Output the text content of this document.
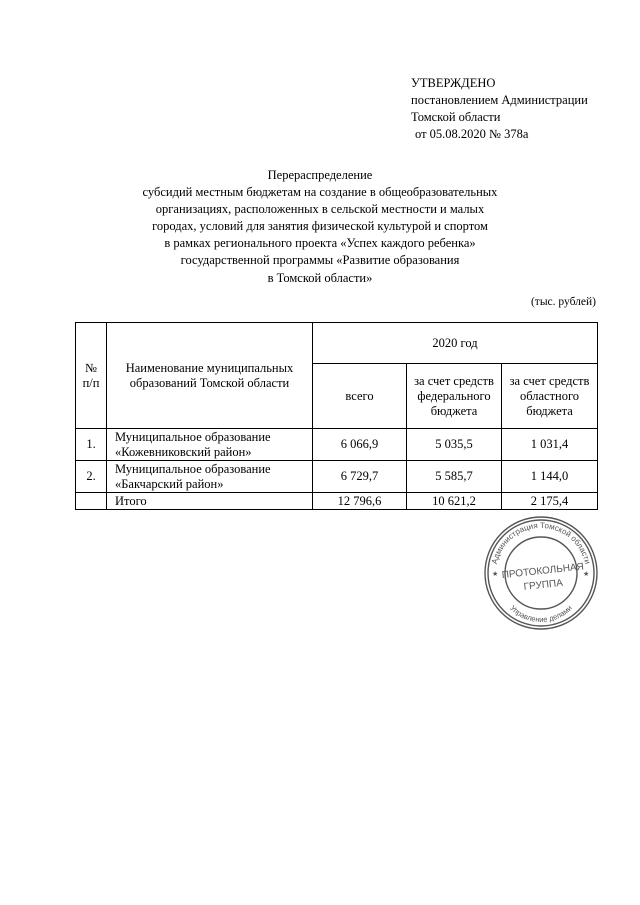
УТВЕРЖДЕНО
постановлением Администрации
Томской области
от 05.08.2020 № 378а
Перераспределение
субсидий местным бюджетам на создание в общеобразовательных
организациях, расположенных в сельской местности и малых
городах, условий для занятия физической культурой и спортом
в рамках регионального проекта «Успех каждого ребенка»
государственной программы «Развитие образования
в Томской области»
(тыс. рублей)
№ п/п	Наименование муниципальных образований Томской области	2020 год		
		всего	за счет средств федерального бюджета	за счет средств областного бюджета
1.	Муниципальное образование
«Кожевниковский район»	6 066,9	5 035,5	1 031,4
2.	Муниципальное образование
«Бакчарский район»	6 729,7	5 585,7	1 144,0
	Итого	12 796,6	10 621,2	2 175,4
Администрация Томской области
Управление делами
ПРОТОКОЛЬНАЯ
ГРУППА
★	★
